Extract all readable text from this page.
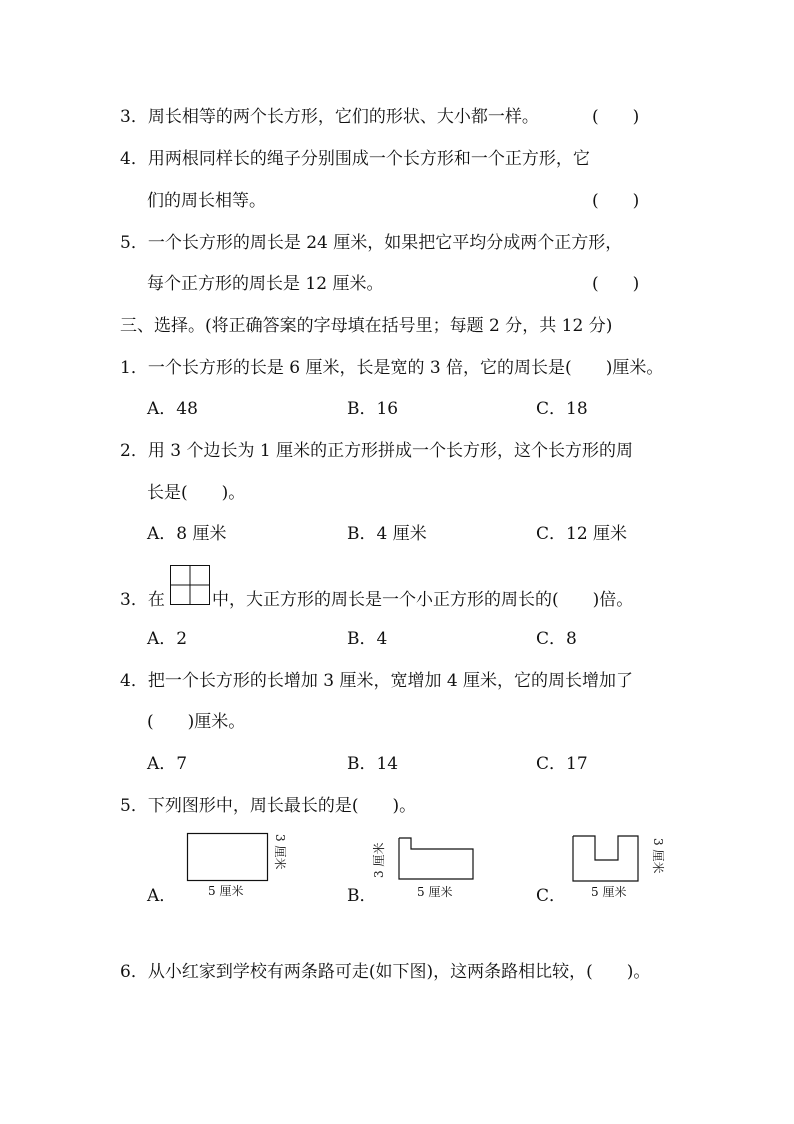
3．周长相等的两个长方形，它们的形状、大小都一样。	(　　)
4．用两根同样长的绳子分别围成一个长方形和一个正方形，它
们的周长相等。	(　　)
5．一个长方形的周长是 24 厘米，如果把它平均分成两个正方形，
每个正方形的周长是 12 厘米。	(　　)
三、选择。(将正确答案的字母填在括号里；每题 2 分，共 12 分)
1．一个长方形的长是 6 厘米，长是宽的 3 倍，它的周长是(　　)厘米。
A．48	B．16	C．18
2．用 3 个边长为 1 厘米的正方形拼成一个长方形，这个长方形的周
长是(　　)。
A．8 厘米	B．4 厘米	C．12 厘米
3．在	中，大正方形的周长是一个小正方形的周长的(　　)倍。
A．2	B．4	C．8
4．把一个长方形的长增加 3 厘米，宽增加 4 厘米，它的周长增加了
(　　)厘米。
A．7	B．14	C．17
5．下列图形中，周长最长的是(　　)。
A．	5 厘米
3 厘米
B．	5 厘米
3 厘米
C． 5 厘米
3 厘米
6．从小红家到学校有两条路可走(如下图)，这两条路相比较，(　　)。
